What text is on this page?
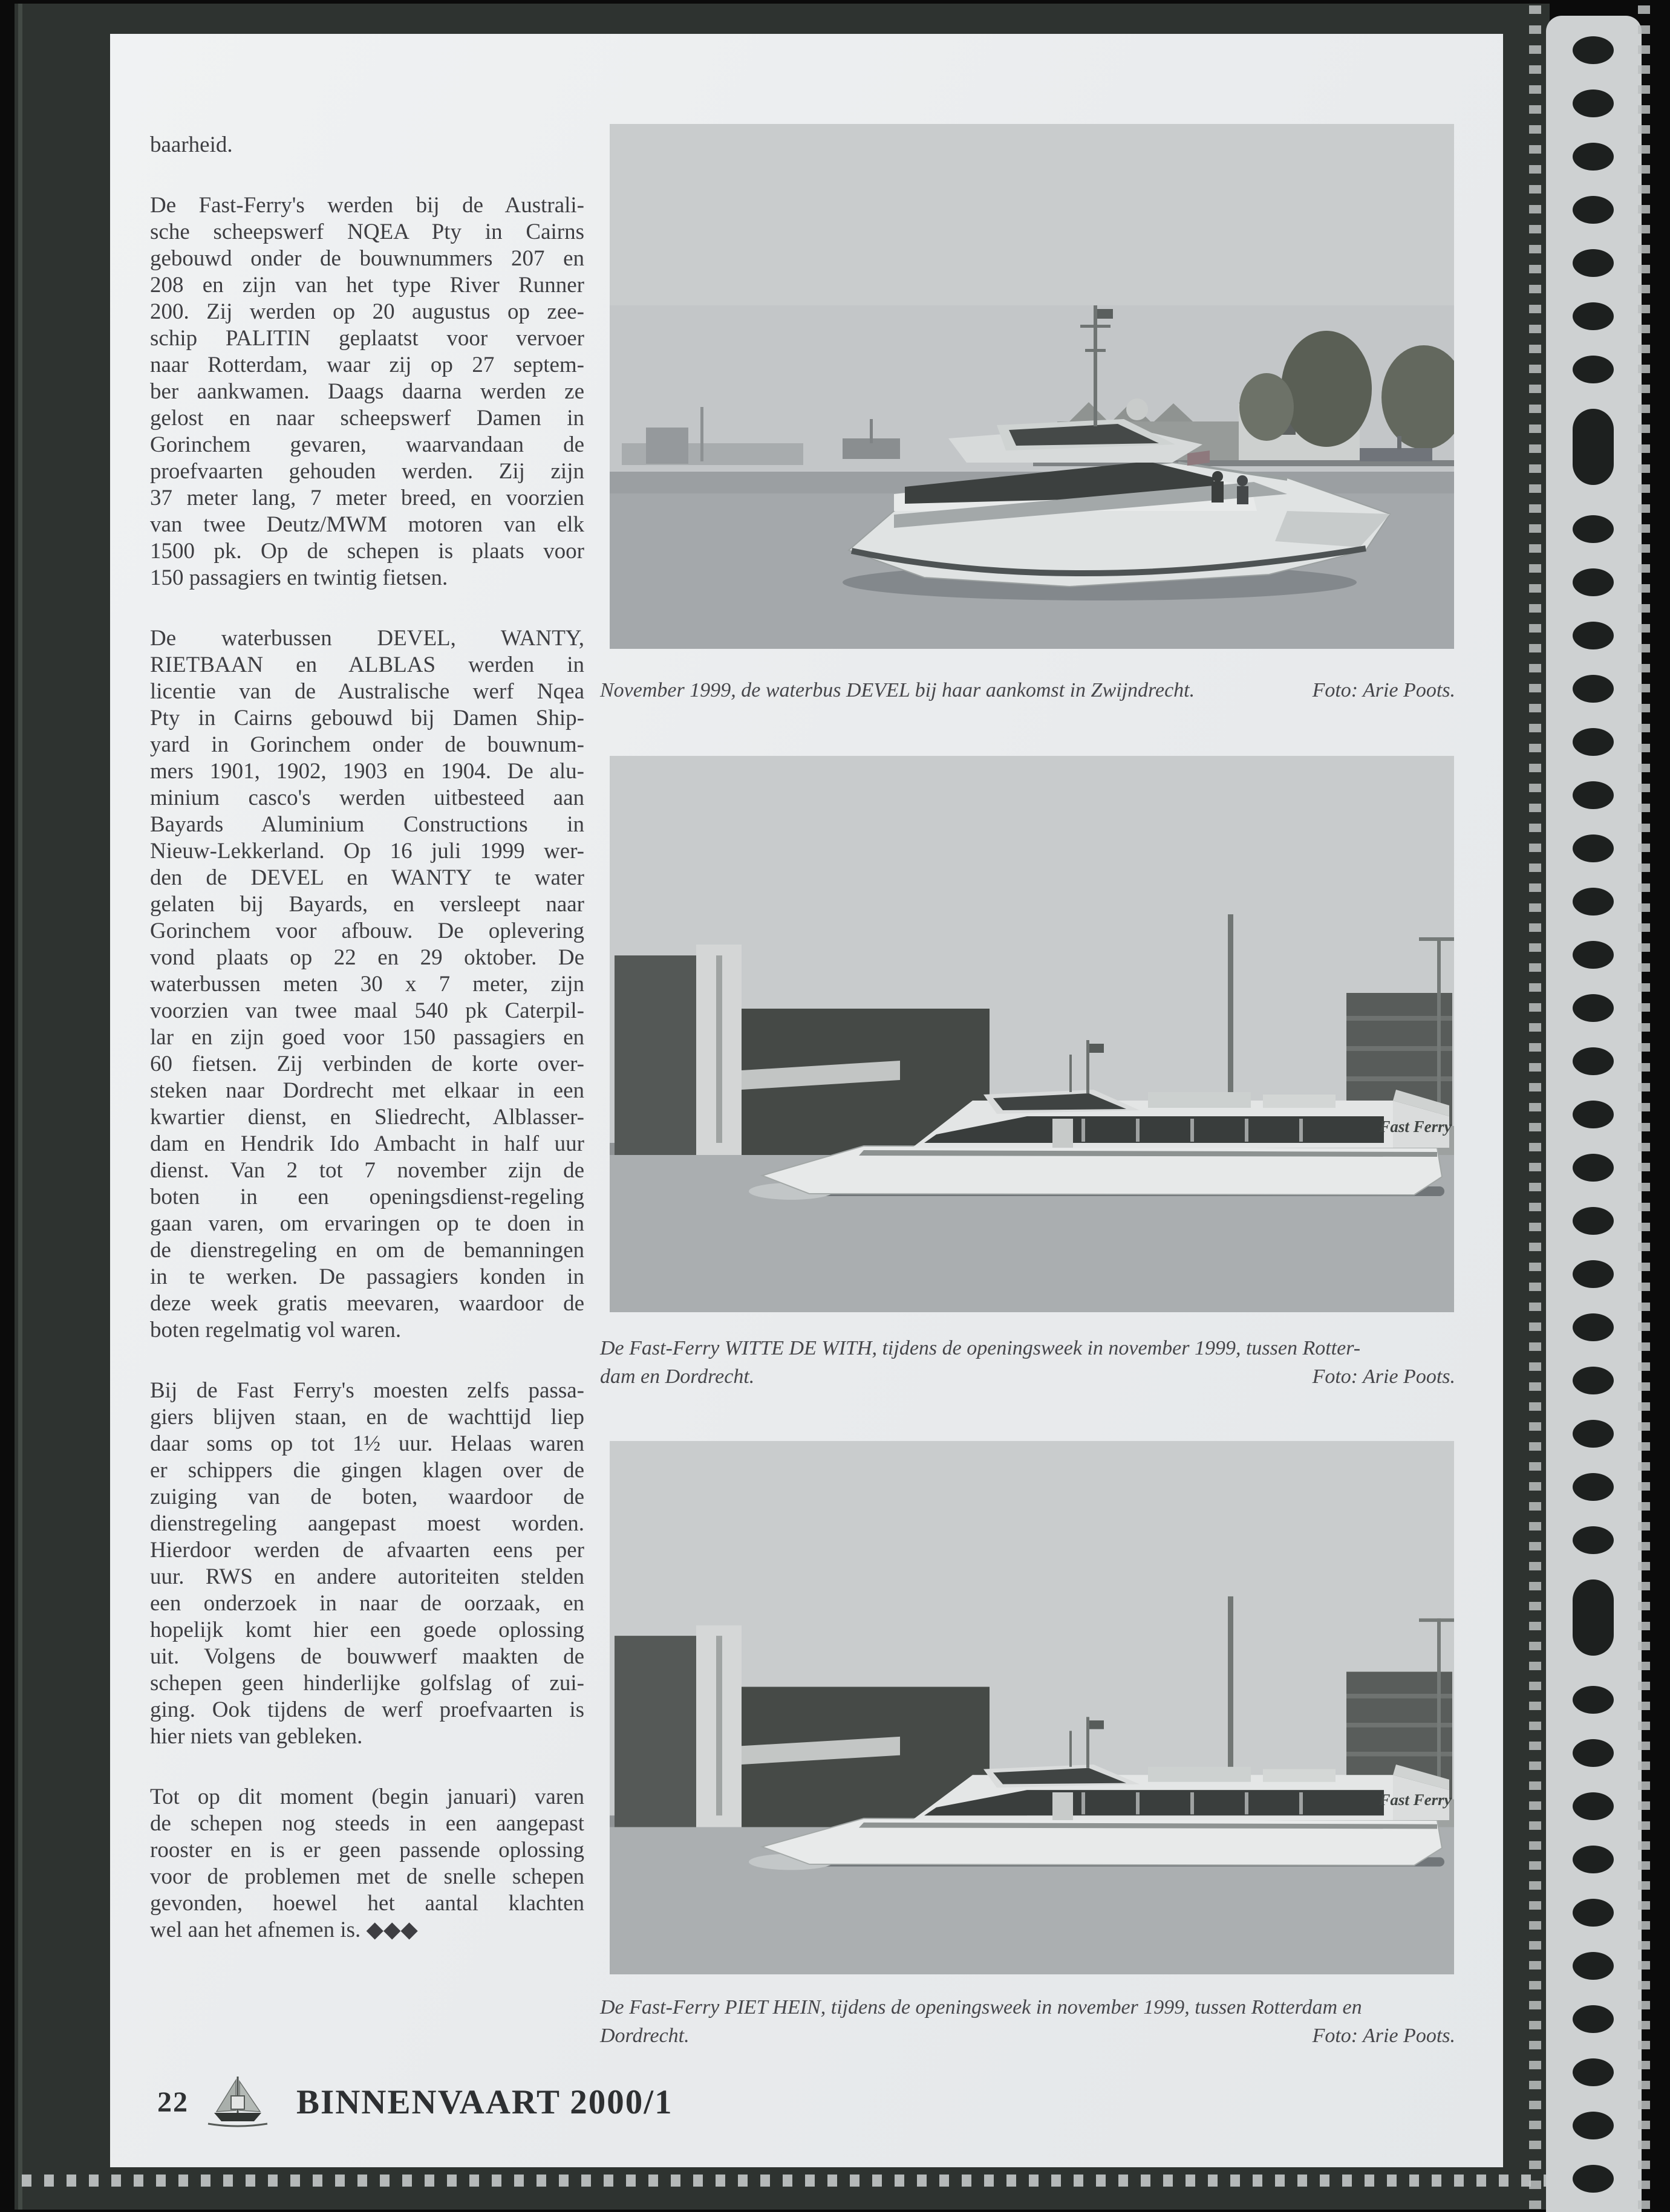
baarheid.
De Fast-Ferry's werden bij de Australi-
sche scheepswerf NQEA Pty in Cairns
gebouwd onder de bouwnummers 207 en
208 en zijn van het type River Runner
200. Zij werden op 20 augustus op zee-
schip PALITIN geplaatst voor vervoer
naar Rotterdam, waar zij op 27 septem-
ber aankwamen. Daags daarna werden ze
gelost en naar scheepswerf Damen in
Gorinchem gevaren, waarvandaan de
proefvaarten gehouden werden. Zij zijn
37 meter lang, 7 meter breed, en voorzien
van twee Deutz/MWM motoren van elk
1500 pk. Op de schepen is plaats voor
150 passagiers en twintig fietsen.
De waterbussen DEVEL, WANTY,
RIETBAAN en ALBLAS werden in
licentie van de Australische werf Nqea
Pty in Cairns gebouwd bij Damen Ship-
yard in Gorinchem onder de bouwnum-
mers 1901, 1902, 1903 en 1904. De alu-
minium casco's werden uitbesteed aan
Bayards Aluminium Constructions in
Nieuw-Lekkerland. Op 16 juli 1999 wer-
den de DEVEL en WANTY te water
gelaten bij Bayards, en versleept naar
Gorinchem voor afbouw. De oplevering
vond plaats op 22 en 29 oktober. De
waterbussen meten 30 x 7 meter, zijn
voorzien van twee maal 540 pk Caterpil-
lar en zijn goed voor 150 passagiers en
60 fietsen. Zij verbinden de korte over-
steken naar Dordrecht met elkaar in een
kwartier dienst, en Sliedrecht, Alblasser-
dam en Hendrik Ido Ambacht in half uur
dienst. Van 2 tot 7 november zijn de
boten in een openingsdienst-regeling
gaan varen, om ervaringen op te doen in
de dienstregeling en om de bemanningen
in te werken. De passagiers konden in
deze week gratis meevaren, waardoor de
boten regelmatig vol waren.
Bij de Fast Ferry's moesten zelfs passa-
giers blijven staan, en de wachttijd liep
daar soms op tot 1½ uur. Helaas waren
er schippers die gingen klagen over de
zuiging van de boten, waardoor de
dienstregeling aangepast moest worden.
Hierdoor werden de afvaarten eens per
uur. RWS en andere autoriteiten stelden
een onderzoek in naar de oorzaak, en
hopelijk komt hier een goede oplossing
uit. Volgens de bouwwerf maakten de
schepen geen hinderlijke golfslag of zui-
ging. Ook tijdens de werf proefvaarten is
hier niets van gebleken.
Tot op dit moment (begin januari) varen
de schepen nog steeds in een aangepast
rooster en is er geen passende oplossing
voor de problemen met de snelle schepen
gevonden, hoewel het aantal klachten
wel aan het afnemen is. ◆◆◆
November 1999, de waterbus DEVEL bij haar aankomst in Zwijndrecht.	Foto: Arie Poots.
Fast Ferry
De Fast-Ferry WITTE DE WITH, tijdens de openingsweek in november 1999, tussen Rotter-
dam en Dordrecht.	Foto: Arie Poots.
Fast Ferry
De Fast-Ferry PIET HEIN, tijdens de openingsweek in november 1999, tussen Rotterdam en
Dordrecht.	Foto: Arie Poots.
22	BINNENVAART 2000/1
